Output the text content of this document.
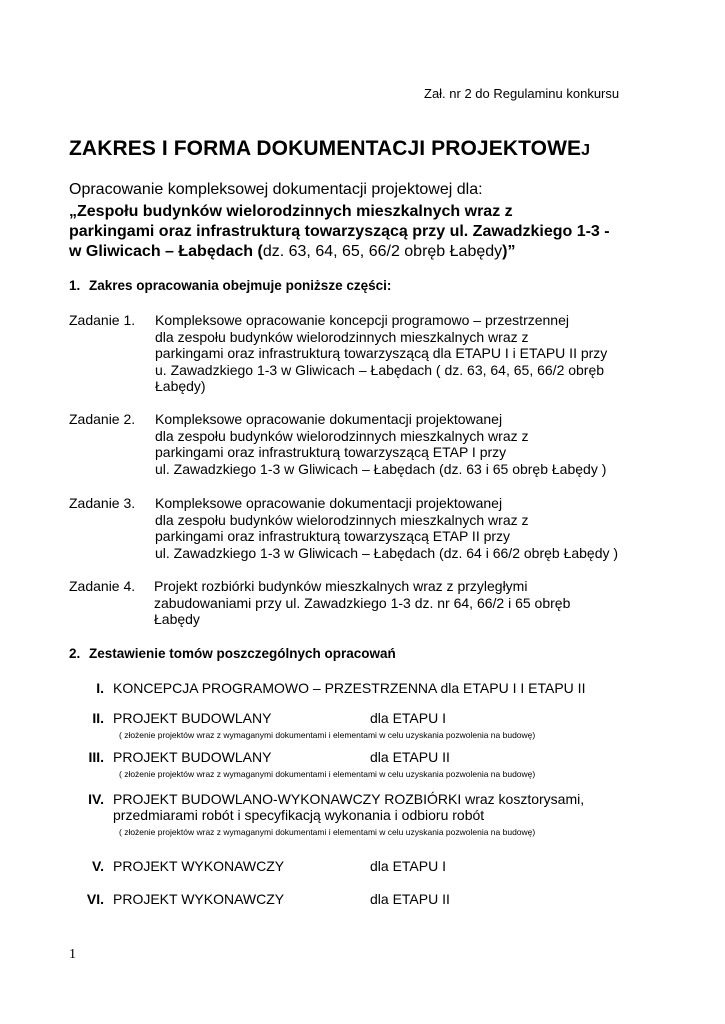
Zał. nr 2 do Regulaminu konkursu
ZAKRES I FORMA DOKUMENTACJI PROJEKTOWEJ
Opracowanie kompleksowej dokumentacji projektowej dla:
„Zespołu budynków wielorodzinnych mieszkalnych wraz z
parkingami oraz infrastrukturą towarzyszącą przy ul. Zawadzkiego 1-3 -
w Gliwicach – Łabędach (dz. 63, 64, 65, 66/2 obręb Łabędy)”
1. Zakres opracowania obejmuje poniższe części:
Zadanie 1. Kompleksowe opracowanie koncepcji programowo – przestrzennej
dla zespołu budynków wielorodzinnych mieszkalnych wraz z
parkingami oraz infrastrukturą towarzyszącą dla ETAPU I i ETAPU II przy
u. Zawadzkiego 1-3 w Gliwicach – Łabędach ( dz. 63, 64, 65, 66/2 obręb
Łabędy)
Zadanie 2. Kompleksowe opracowanie dokumentacji projektowanej
dla zespołu budynków wielorodzinnych mieszkalnych wraz z
parkingami oraz infrastrukturą towarzyszącą ETAP I przy
ul. Zawadzkiego 1-3 w Gliwicach – Łabędach (dz. 63 i 65 obręb Łabędy )
Zadanie 3. Kompleksowe opracowanie dokumentacji projektowanej
dla zespołu budynków wielorodzinnych mieszkalnych wraz z
parkingami oraz infrastrukturą towarzyszącą ETAP II przy
ul. Zawadzkiego 1-3 w Gliwicach – Łabędach (dz. 64 i 66/2 obręb Łabędy )
Zadanie 4. Projekt rozbiórki budynków mieszkalnych wraz z przyległymi
zabudowaniami przy ul. Zawadzkiego 1-3 dz. nr 64, 66/2 i 65 obręb
Łabędy
2. Zestawienie tomów poszczególnych opracowań
I. KONCEPCJA PROGRAMOWO – PRZESTRZENNA dla ETAPU I I ETAPU II
II. PROJEKT BUDOWLANY	dla ETAPU I
( złożenie projektów wraz z wymaganymi dokumentami i elementami w celu uzyskania pozwolenia na budowę)
III. PROJEKT BUDOWLANY	dla ETAPU II
( złożenie projektów wraz z wymaganymi dokumentami i elementami w celu uzyskania pozwolenia na budowę)
IV. PROJEKT BUDOWLANO-WYKONAWCZY ROZBIÓRKI wraz kosztorysami,
przedmiarami robót i specyfikacją wykonania i odbioru robót
( złożenie projektów wraz z wymaganymi dokumentami i elementami w celu uzyskania pozwolenia na budowę)
V. PROJEKT WYKONAWCZY	dla ETAPU I
VI. PROJEKT WYKONAWCZY	dla ETAPU II
1
